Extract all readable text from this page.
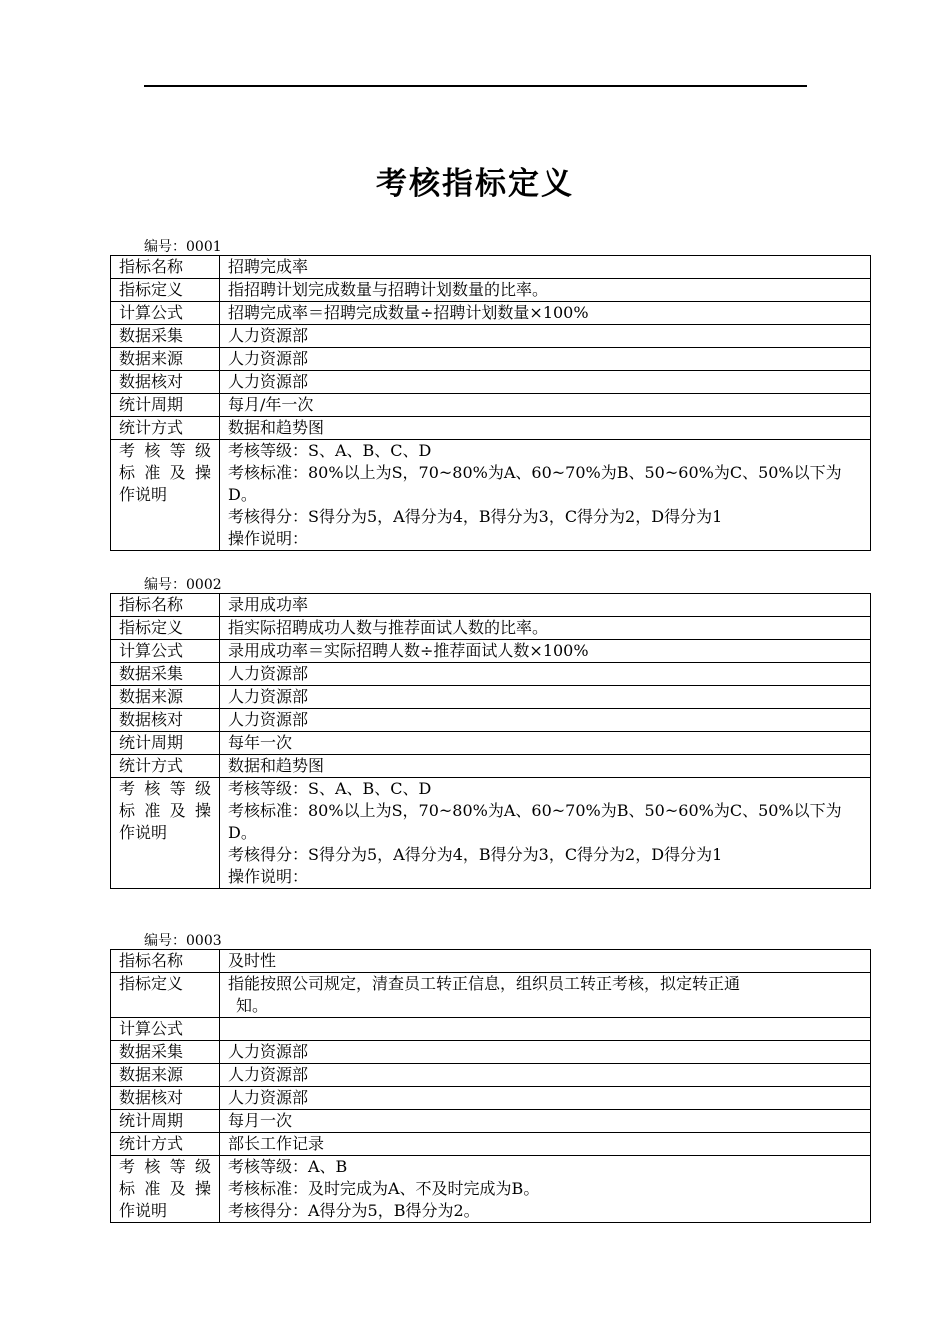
考核指标定义
编号：0001
指标名称	招聘完成率
指标定义	指招聘计划完成数量与招聘计划数量的比率。
计算公式	招聘完成率＝招聘完成数量÷招聘计划数量×100%
数据采集	人力资源部
数据来源	人力资源部
数据核对	人力资源部
统计周期	每月/年一次
统计方式	数据和趋势图

考核等级
标准及操
作说明	考核等级：S、A、B、C、D
考核标准：80%以上为S，70~80%为A、60~70%为B、50~60%为C、50%以下为D。
考核得分：S得分为5，A得分为4，B得分为3，C得分为2，D得分为1
操作说明：
编号：0002
指标名称	录用成功率
指标定义	指实际招聘成功人数与推荐面试人数的比率。
计算公式	录用成功率＝实际招聘人数÷推荐面试人数×100%
数据采集	人力资源部
数据来源	人力资源部
数据核对	人力资源部
统计周期	每年一次
统计方式	数据和趋势图

考核等级
标准及操
作说明	考核等级：S、A、B、C、D
考核标准：80%以上为S，70~80%为A、60~70%为B、50~60%为C、50%以下为D。
考核得分：S得分为5，A得分为4，B得分为3，C得分为2，D得分为1
操作说明：
编号：0003
指标名称	及时性
指标定义	指能按照公司规定，清查员工转正信息，组织员工转正考核，拟定转正通
知。

计算公式	
数据采集	人力资源部
数据来源	人力资源部
数据核对	人力资源部
统计周期	每月一次
统计方式	部长工作记录

考核等级
标准及操
作说明	考核等级：A、B
考核标准：及时完成为A、不及时完成为B。
考核得分：A得分为5，B得分为2。
